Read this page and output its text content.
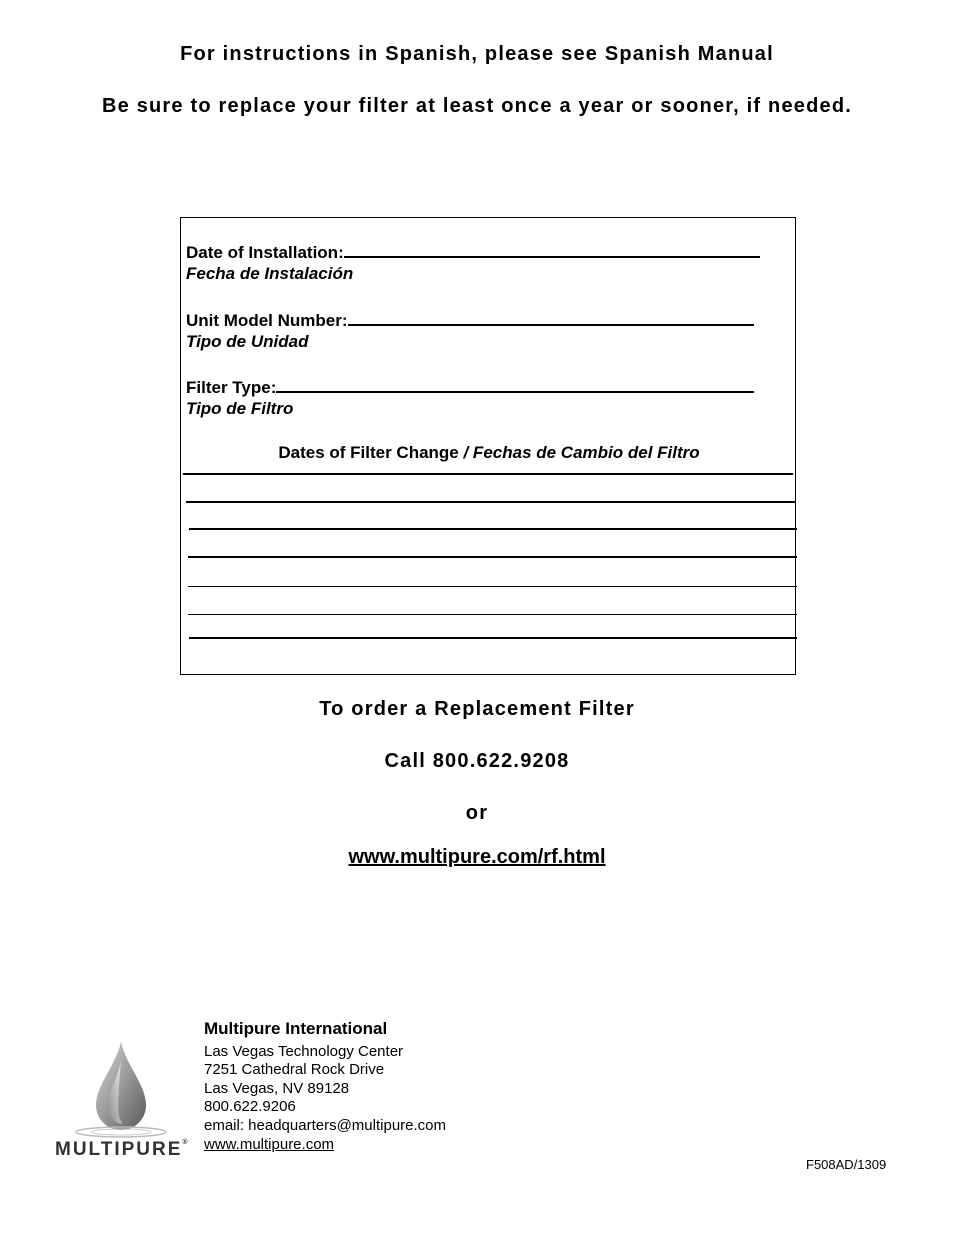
For instructions in Spanish, please see Spanish Manual
Be sure to replace your filter at least once a year or sooner, if needed.
Date of Installation:
Fecha de Instalación
Unit Model Number:
Tipo de Unidad
Filter Type:
Tipo de Filtro
Dates of Filter Change / Fechas de Cambio del Filtro
To order a Replacement Filter
Call 800.622.9208
or
www.multipure.com/rf.html
MULTIPURE®
Multipure International
Las Vegas Technology Center
7251 Cathedral Rock Drive
Las Vegas, NV 89128
800.622.9206
email: headquarters@multipure.com
www.multipure.com
F508AD/1309
